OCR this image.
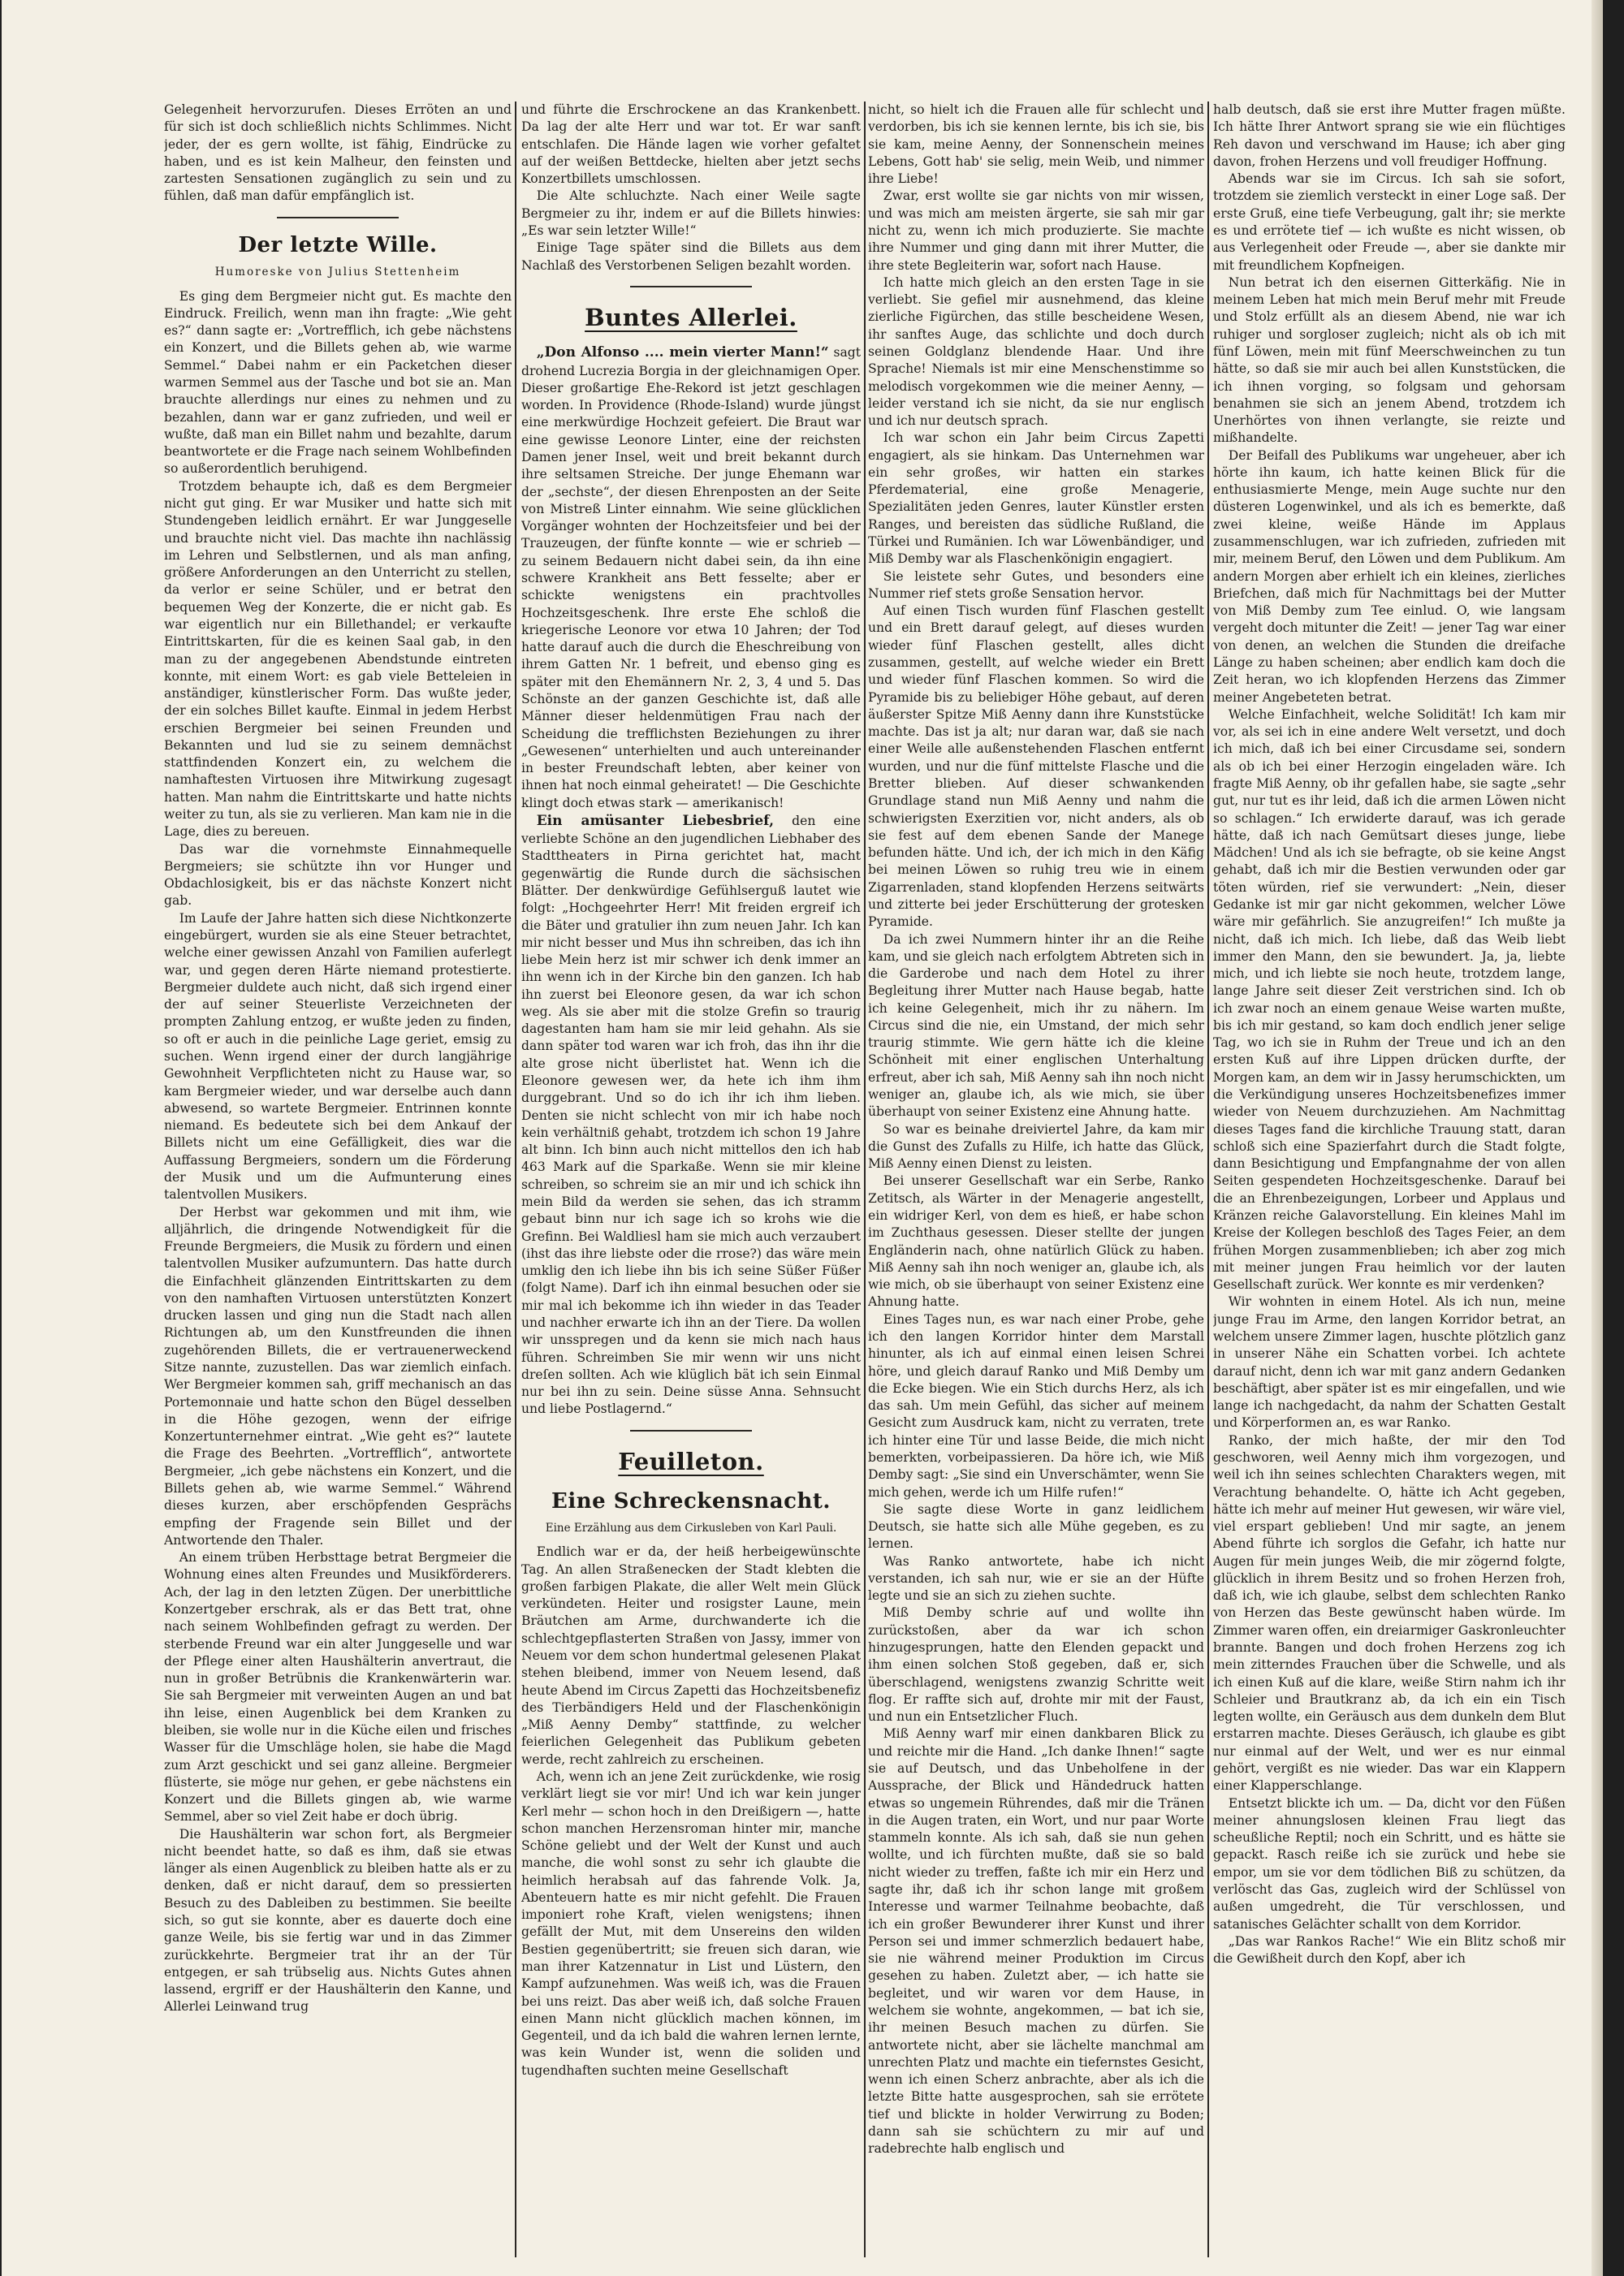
Gelegenheit hervorzurufen. Dieses Erröten an und für sich ist doch schließlich nichts Schlimmes. Nicht jeder, der es gern wollte, ist fähig, Eindrücke zu haben, und es ist kein Malheur, den feinsten und zartesten Sensationen zugänglich zu sein und zu fühlen, daß man dafür empfänglich ist.

Der letzte Wille.
Humoreske von Julius Stettenheim

Es ging dem Bergmeier nicht gut. Es machte den Eindruck. Freilich, wenn man ihn fragte: „Wie geht es?“ dann sagte er: „Vortrefflich, ich gebe nächstens ein Konzert, und die Billets gehen ab, wie warme Semmel.“ Dabei nahm er ein Packetchen dieser warmen Semmel aus der Tasche und bot sie an. Man brauchte allerdings nur eines zu nehmen und zu bezahlen, dann war er ganz zufrieden, und weil er wußte, daß man ein Billet nahm und bezahlte, darum beantwortete er die Frage nach seinem Wohlbefinden so außerordentlich beruhigend.

Trotzdem behaupte ich, daß es dem Bergmeier nicht gut ging. Er war Musiker und hatte sich mit Stundengeben leidlich ernährt. Er war Junggeselle und brauchte nicht viel. Das machte ihn nachlässig im Lehren und Selbstlernen, und als man anfing, größere Anforderungen an den Unterricht zu stellen, da verlor er seine Schüler, und er betrat den bequemen Weg der Konzerte, die er nicht gab. Es war eigentlich nur ein Billethandel; er verkaufte Eintrittskarten, für die es keinen Saal gab, in den man zu der angegebenen Abendstunde eintreten konnte, mit einem Wort: es gab viele Betteleien in anständiger, künstlerischer Form. Das wußte jeder, der ein solches Billet kaufte. Einmal in jedem Herbst erschien Bergmeier bei seinen Freunden und Bekannten und lud sie zu seinem demnächst stattfindenden Konzert ein, zu welchem die namhaftesten Virtuosen ihre Mitwirkung zugesagt hatten. Man nahm die Eintrittskarte und hatte nichts weiter zu tun, als sie zu verlieren. Man kam nie in die Lage, dies zu bereuen.

Das war die vornehmste Einnahmequelle Bergmeiers; sie schützte ihn vor Hunger und Obdachlosigkeit, bis er das nächste Konzert nicht gab.

Im Laufe der Jahre hatten sich diese Nichtkonzerte eingebürgert, wurden sie als eine Steuer betrachtet, welche einer gewissen Anzahl von Familien auferlegt war, und gegen deren Härte niemand protestierte. Bergmeier duldete auch nicht, daß sich irgend einer der auf seiner Steuerliste Verzeichneten der prompten Zahlung entzog, er wußte jeden zu finden, so oft er auch in die peinliche Lage geriet, emsig zu suchen. Wenn irgend einer der durch langjährige Gewohnheit Verpflichteten nicht zu Hause war, so kam Bergmeier wieder, und war derselbe auch dann abwesend, so wartete Bergmeier. Entrinnen konnte niemand. Es bedeutete sich bei dem Ankauf der Billets nicht um eine Gefälligkeit, dies war die Auffassung Bergmeiers, sondern um die Förderung der Musik und um die Aufmunterung eines talentvollen Musikers.

Der Herbst war gekommen und mit ihm, wie alljährlich, die dringende Notwendigkeit für die Freunde Bergmeiers, die Musik zu fördern und einen talentvollen Musiker aufzumuntern. Das hatte durch die Einfachheit glänzenden Eintrittskarten zu dem von den namhaften Virtuosen unterstützten Konzert drucken lassen und ging nun die Stadt nach allen Richtungen ab, um den Kunstfreunden die ihnen zugehörenden Billets, die er vertrauenerweckend Sitze nannte, zuzustellen. Das war ziemlich einfach. Wer Bergmeier kommen sah, griff mechanisch an das Portemonnaie und hatte schon den Bügel desselben in die Höhe gezogen, wenn der eifrige Konzertunternehmer eintrat. „Wie geht es?“ lautete die Frage des Beehrten. „Vortrefflich“, antwortete Bergmeier, „ich gebe nächstens ein Konzert, und die Billets gehen ab, wie warme Semmel.“ Während dieses kurzen, aber erschöpfenden Gesprächs empfing der Fragende sein Billet und der Antwortende den Thaler.

An einem trüben Herbsttage betrat Bergmeier die Wohnung eines alten Freundes und Musikförderers. Ach, der lag in den letzten Zügen. Der unerbittliche Konzertgeber erschrak, als er das Bett trat, ohne nach seinem Wohlbefinden gefragt zu werden. Der sterbende Freund war ein alter Junggeselle und war der Pflege einer alten Haushälterin anvertraut, die nun in großer Betrübnis die Krankenwärterin war. Sie sah Bergmeier mit verweinten Augen an und bat ihn leise, einen Augenblick bei dem Kranken zu bleiben, sie wolle nur in die Küche eilen und frisches Wasser für die Umschläge holen, sie habe die Magd zum Arzt geschickt und sei ganz alleine. Bergmeier flüsterte, sie möge nur gehen, er gebe nächstens ein Konzert und die Billets gingen ab, wie warme Semmel, aber so viel Zeit habe er doch übrig.

Die Haushälterin war schon fort, als Bergmeier nicht beendet hatte, so daß es ihm, daß sie etwas länger als einen Augenblick zu bleiben hatte als er zu denken, daß er nicht darauf, dem so pressierten Besuch zu des Dableiben zu bestimmen. Sie beeilte sich, so gut sie konnte, aber es dauerte doch eine ganze Weile, bis sie fertig war und in das Zimmer zurückkehrte. Bergmeier trat ihr an der Tür entgegen, er sah trübselig aus. Nichts Gutes ahnen lassend, ergriff er der Haushälterin den Kanne, und Allerlei Leinwand trug

und führte die Erschrockene an das Krankenbett. Da lag der alte Herr und war tot. Er war sanft entschlafen. Die Hände lagen wie vorher gefaltet auf der weißen Bettdecke, hielten aber jetzt sechs Konzertbillets umschlossen.

Die Alte schluchzte. Nach einer Weile sagte Bergmeier zu ihr, indem er auf die Billets hinwies: „Es war sein letzter Wille!“

Einige Tage später sind die Billets aus dem Nachlaß des Verstorbenen Seligen bezahlt worden.

Buntes Allerlei.

„Don Alfonso .... mein vierter Mann!“ sagt drohend Lucrezia Borgia in der gleichnamigen Oper. Dieser großartige Ehe-Rekord ist jetzt geschlagen worden. In Providence (Rhode-Island) wurde jüngst eine merkwürdige Hochzeit gefeiert. Die Braut war eine gewisse Leonore Linter, eine der reichsten Damen jener Insel, weit und breit bekannt durch ihre seltsamen Streiche. Der junge Ehemann war der „sechste“, der diesen Ehrenposten an der Seite von Mistreß Linter einnahm. Wie seine glücklichen Vorgänger wohnten der Hochzeitsfeier und bei der Trauzeugen, der fünfte konnte — wie er schrieb — zu seinem Bedauern nicht dabei sein, da ihn eine schwere Krankheit ans Bett fesselte; aber er schickte wenigstens ein prachtvolles Hochzeitsgeschenk. Ihre erste Ehe schloß die kriegerische Leonore vor etwa 10 Jahren; der Tod hatte darauf auch die durch die Eheschreibung von ihrem Gatten Nr. 1 befreit, und ebenso ging es später mit den Ehemännern Nr. 2, 3, 4 und 5. Das Schönste an der ganzen Geschichte ist, daß alle Männer dieser heldenmütigen Frau nach der Scheidung die trefflichsten Beziehungen zu ihrer „Gewesenen“ unterhielten und auch untereinander in bester Freundschaft lebten, aber keiner von ihnen hat noch einmal geheiratet! — Die Geschichte klingt doch etwas stark — amerikanisch!

Ein amüsanter Liebesbrief, den eine verliebte Schöne an den jugendlichen Liebhaber des Stadttheaters in Pirna gerichtet hat, macht gegenwärtig die Runde durch die sächsischen Blätter. Der denkwürdige Gefühlserguß lautet wie folgt: „Hochgeehrter Herr! Mit freiden ergreif ich die Bäter und gratulier ihn zum neuen Jahr. Ich kan mir nicht besser und Mus ihn schreiben, das ich ihn liebe Mein herz ist mir schwer ich denk immer an ihn wenn ich in der Kirche bin den ganzen. Ich hab ihn zuerst bei Eleonore gesen, da war ich schon weg. Als sie aber mit die stolze Grefin so traurig dagestanten ham ham sie mir leid gehahn. Als sie dann später tod waren war ich froh, das ihn ihr die alte grose nicht überlistet hat. Wenn ich die Eleonore gewesen wer, da hete ich ihm ihm durggebrant. Und so do ich ihr ich ihm lieben. Denten sie nicht schlecht von mir ich habe noch kein verhältniß gehabt, trotzdem ich schon 19 Jahre alt binn. Ich binn auch nicht mittellos den ich hab 463 Mark auf die Sparkaße. Wenn sie mir kleine schreiben, so schreim sie an mir und ich schick ihn mein Bild da werden sie sehen, das ich stramm gebaut binn nur ich sage ich so krohs wie die Grefinn. Bei Waldliesl ham sie mich auch verzaubert (ihst das ihre liebste oder die rrose?) das wäre mein umklig den ich liebe ihn bis ich seine Süßer Füßer (folgt Name). Darf ich ihn einmal besuchen oder sie mir mal ich bekomme ich ihn wieder in das Teader und nachher erwarte ich ihn an der Tiere. Da wollen wir unsspregen und da kenn sie mich nach haus führen. Schreimben Sie mir wenn wir uns nicht dreſen sollten. Ach wie klüglich bät ich sein Einmal nur bei ihn zu sein. Deine süsse Anna. Sehnsucht und liebe Postlagernd.“

Feuilleton.
Eine Schreckensnacht.
Eine Erzählung aus dem Cirkusleben von Karl Pauli.

Endlich war er da, der heiß herbeigewünschte Tag. An allen Straßenecken der Stadt klebten die großen farbigen Plakate, die aller Welt mein Glück verkündeten. Heiter und rosigster Laune, mein Bräutchen am Arme, durchwanderte ich die schlechtgepflasterten Straßen von Jassy, immer von Neuem vor dem schon hundertmal gelesenen Plakat stehen bleibend, immer von Neuem lesend, daß heute Abend im Circus Zapetti das Hochzeitsbenefiz des Tierbändigers Held und der Flaschenkönigin „Miß Aenny Demby“ stattfinde, zu welcher feierlichen Gelegenheit das Publikum gebeten werde, recht zahlreich zu erscheinen.

Ach, wenn ich an jene Zeit zurückdenke, wie rosig verklärt liegt sie vor mir! Und ich war kein junger Kerl mehr — schon hoch in den Dreißigern —, hatte schon manchen Herzensroman hinter mir, manche Schöne geliebt und der Welt der Kunst und auch manche, die wohl sonst zu sehr ich glaubte die heimlich herabsah auf das fahrende Volk. Ja, Abenteuern hatte es mir nicht gefehlt. Die Frauen imponiert rohe Kraft, vielen wenigstens; ihnen gefällt der Mut, mit dem Unsereins den wilden Bestien gegenübertritt; sie freuen sich daran, wie man ihrer Katzennatur in List und Lüstern, den Kampf aufzunehmen. Was weiß ich, was die Frauen bei uns reizt. Das aber weiß ich, daß solche Frauen einen Mann nicht glücklich machen können, im Gegenteil, und da ich bald die wahren lernen lernte, was kein Wunder ist, wenn die soliden und tugendhaften suchten meine Gesellschaft

nicht, so hielt ich die Frauen alle für schlecht und verdorben, bis ich sie kennen lernte, bis ich sie, bis sie kam, meine Aenny, der Sonnenschein meines Lebens, Gott hab' sie selig, mein Weib, und nimmer ihre Liebe!

Zwar, erst wollte sie gar nichts von mir wissen, und was mich am meisten ärgerte, sie sah mir gar nicht zu, wenn ich mich produzierte. Sie machte ihre Nummer und ging dann mit ihrer Mutter, die ihre stete Begleiterin war, sofort nach Hause.

Ich hatte mich gleich an den ersten Tage in sie verliebt. Sie gefiel mir ausnehmend, das kleine zierliche Figürchen, das stille bescheidene Wesen, ihr sanftes Auge, das schlichte und doch durch seinen Goldglanz blendende Haar. Und ihre Sprache! Niemals ist mir eine Menschenstimme so melodisch vorgekommen wie die meiner Aenny, — leider verstand ich sie nicht, da sie nur englisch und ich nur deutsch sprach.

Ich war schon ein Jahr beim Circus Zapetti engagiert, als sie hinkam. Das Unternehmen war ein sehr großes, wir hatten ein starkes Pferdematerial, eine große Menagerie, Spezialitäten jeden Genres, lauter Künstler ersten Ranges, und bereisten das südliche Rußland, die Türkei und Rumänien. Ich war Löwenbändiger, und Miß Demby war als Flaschenkönigin engagiert.

Sie leistete sehr Gutes, und besonders eine Nummer rief stets große Sensation hervor.

Auf einen Tisch wurden fünf Flaschen gestellt und ein Brett darauf gelegt, auf dieses wurden wieder fünf Flaschen gestellt, alles dicht zusammen, gestellt, auf welche wieder ein Brett und wieder fünf Flaschen kommen. So wird die Pyramide bis zu beliebiger Höhe gebaut, auf deren äußerster Spitze Miß Aenny dann ihre Kunststücke machte. Das ist ja alt; nur daran war, daß sie nach einer Weile alle außenstehenden Flaschen entfernt wurden, und nur die fünf mittelste Flasche und die Bretter blieben. Auf dieser schwankenden Grundlage stand nun Miß Aenny und nahm die schwierigsten Exerzitien vor, nicht anders, als ob sie fest auf dem ebenen Sande der Manege befunden hätte. Und ich, der ich mich in den Käfig bei meinen Löwen so ruhig treu wie in einem Zigarrenladen, stand klopfenden Herzens seitwärts und zitterte bei jeder Erschütterung der grotesken Pyramide.

Da ich zwei Nummern hinter ihr an die Reihe kam, und sie gleich nach erfolgtem Abtreten sich in die Garderobe und nach dem Hotel zu ihrer Begleitung ihrer Mutter nach Hause begab, hatte ich keine Gelegenheit, mich ihr zu nähern. Im Circus sind die nie, ein Umstand, der mich sehr traurig stimmte. Wie gern hätte ich die kleine Schönheit mit einer englischen Unterhaltung erfreut, aber ich sah, Miß Aenny sah ihn noch nicht weniger an, glaube ich, als wie mich, sie über überhaupt von seiner Existenz eine Ahnung hatte.

So war es beinahe dreiviertel Jahre, da kam mir die Gunst des Zufalls zu Hilfe, ich hatte das Glück, Miß Aenny einen Dienst zu leisten.

Bei unserer Gesellschaft war ein Serbe, Ranko Zetitsch, als Wärter in der Menagerie angestellt, ein widriger Kerl, von dem es hieß, er habe schon im Zuchthaus gesessen. Dieser stellte der jungen Engländerin nach, ohne natürlich Glück zu haben. Miß Aenny sah ihn noch weniger an, glaube ich, als wie mich, ob sie überhaupt von seiner Existenz eine Ahnung hatte.

Eines Tages nun, es war nach einer Probe, gehe ich den langen Korridor hinter dem Marstall hinunter, als ich auf einmal einen leisen Schrei höre, und gleich darauf Ranko und Miß Demby um die Ecke biegen. Wie ein Stich durchs Herz, als ich das sah. Um mein Gefühl, das sicher auf meinem Gesicht zum Ausdruck kam, nicht zu verraten, trete ich hinter eine Tür und lasse Beide, die mich nicht bemerkten, vorbeipassieren. Da höre ich, wie Miß Demby sagt: „Sie sind ein Unverschämter, wenn Sie mich gehen, werde ich um Hilfe rufen!“

Sie sagte diese Worte in ganz leidlichem Deutsch, sie hatte sich alle Mühe gegeben, es zu lernen.

Was Ranko antwortete, habe ich nicht verstanden, ich sah nur, wie er sie an der Hüfte legte und sie an sich zu ziehen suchte.

Miß Demby schrie auf und wollte ihn zurückstoßen, aber da war ich schon hinzugesprungen, hatte den Elenden gepackt und ihm einen solchen Stoß gegeben, daß er, sich überschlagend, wenigstens zwanzig Schritte weit flog. Er raffte sich auf, drohte mir mit der Faust, und nun ein Entsetzlicher Fluch.

Miß Aenny warf mir einen dankbaren Blick zu und reichte mir die Hand. „Ich danke Ihnen!“ sagte sie auf Deutsch, und das Unbeholfene in der Aussprache, der Blick und Händedruck hatten etwas so ungemein Rührendes, daß mir die Tränen in die Augen traten, ein Wort, und nur paar Worte stammeln konnte. Als ich sah, daß sie nun gehen wollte, und ich fürchten mußte, daß sie so bald nicht wieder zu treffen, faßte ich mir ein Herz und sagte ihr, daß ich ihr schon lange mit großem Interesse und warmer Teilnahme beobachte, daß ich ein großer Bewunderer ihrer Kunst und ihrer Person sei und immer schmerzlich bedauert habe, sie nie während meiner Produktion im Circus gesehen zu haben. Zuletzt aber, — ich hatte sie begleitet, und wir waren vor dem Hause, in welchem sie wohnte, angekommen, — bat ich sie, ihr meinen Besuch machen zu dürfen. Sie antwortete nicht, aber sie lächelte manchmal am unrechten Platz und machte ein tiefernstes Gesicht, wenn ich einen Scherz anbrachte, aber als ich die letzte Bitte hatte ausgesprochen, sah sie errötete tief und blickte in holder Verwirrung zu Boden; dann sah sie schüchtern zu mir auf und radebrechte halb englisch und

halb deutsch, daß sie erst ihre Mutter fragen müßte. Ich hätte Ihrer Antwort sprang sie wie ein flüchtiges Reh davon und verschwand im Hause; ich aber ging davon, frohen Herzens und voll freudiger Hoffnung.

Abends war sie im Circus. Ich sah sie sofort, trotzdem sie ziemlich versteckt in einer Loge saß. Der erste Gruß, eine tiefe Verbeugung, galt ihr; sie merkte es und errötete tief — ich wußte es nicht wissen, ob aus Verlegenheit oder Freude —, aber sie dankte mir mit freundlichem Kopfneigen.

Nun betrat ich den eisernen Gitterkäfig. Nie in meinem Leben hat mich mein Beruf mehr mit Freude und Stolz erfüllt als an diesem Abend, nie war ich ruhiger und sorgloser zugleich; nicht als ob ich mit fünf Löwen, mein mit fünf Meerschweinchen zu tun hätte, so daß sie mir auch bei allen Kunststücken, die ich ihnen vorging, so folgsam und gehorsam benahmen sie sich an jenem Abend, trotzdem ich Unerhörtes von ihnen verlangte, sie reizte und mißhandelte.

Der Beifall des Publikums war ungeheuer, aber ich hörte ihn kaum, ich hatte keinen Blick für die enthusiasmierte Menge, mein Auge suchte nur den düsteren Logenwinkel, und als ich es bemerkte, daß zwei kleine, weiße Hände im Applaus zusammenschlugen, war ich zufrieden, zufrieden mit mir, meinem Beruf, den Löwen und dem Publikum. Am andern Morgen aber erhielt ich ein kleines, zierliches Briefchen, daß mich für Nachmittags bei der Mutter von Miß Demby zum Tee einlud. O, wie langsam vergeht doch mitunter die Zeit! — jener Tag war einer von denen, an welchen die Stunden die dreifache Länge zu haben scheinen; aber endlich kam doch die Zeit heran, wo ich klopfenden Herzens das Zimmer meiner Angebeteten betrat.

Welche Einfachheit, welche Solidität! Ich kam mir vor, als sei ich in eine andere Welt versetzt, und doch ich mich, daß ich bei einer Circusdame sei, sondern als ob ich bei einer Herzogin eingeladen wäre. Ich fragte Miß Aenny, ob ihr gefallen habe, sie sagte „sehr gut, nur tut es ihr leid, daß ich die armen Löwen nicht so schlagen.“ Ich erwiderte darauf, was ich gerade hätte, daß ich nach Gemütsart dieses junge, liebe Mädchen! Und als ich sie befragte, ob sie keine Angst gehabt, daß ich mir die Bestien verwunden oder gar töten würden, rief sie verwundert: „Nein, dieser Gedanke ist mir gar nicht gekommen, welcher Löwe wäre mir gefährlich. Sie anzugreifen!“ Ich mußte ja nicht, daß ich mich. Ich liebe, daß das Weib liebt immer den Mann, den sie bewundert. Ja, ja, liebte mich, und ich liebte sie noch heute, trotzdem lange, lange Jahre seit dieser Zeit verstrichen sind. Ich ob ich zwar noch an einem genaue Weise warten mußte, bis ich mir gestand, so kam doch endlich jener selige Tag, wo ich sie in Ruhm der Treue und ich an den ersten Kuß auf ihre Lippen drücken durfte, der Morgen kam, an dem wir in Jassy herumschickten, um die Verkündigung unseres Hochzeitsbenefizes immer wieder von Neuem durchzuziehen. Am Nachmittag dieses Tages fand die kirchliche Trauung statt, daran schloß sich eine Spazierfahrt durch die Stadt folgte, dann Besichtigung und Empfangnahme der von allen Seiten gespendeten Hochzeitsgeschenke. Darauf bei die an Ehrenbezeigungen, Lorbeer und Applaus und Kränzen reiche Galavorstellung. Ein kleines Mahl im Kreise der Kollegen beschloß des Tages Feier, an dem frühen Morgen zusammenblieben; ich aber zog mich mit meiner jungen Frau heimlich vor der lauten Gesellschaft zurück. Wer konnte es mir verdenken?

Wir wohnten in einem Hotel. Als ich nun, meine junge Frau im Arme, den langen Korridor betrat, an welchem unsere Zimmer lagen, huschte plötzlich ganz in unserer Nähe ein Schatten vorbei. Ich achtete darauf nicht, denn ich war mit ganz andern Gedanken beschäftigt, aber später ist es mir eingefallen, und wie lange ich nachgedacht, da nahm der Schatten Gestalt und Körperformen an, es war Ranko.

Ranko, der mich haßte, der mir den Tod geschworen, weil Aenny mich ihm vorgezogen, und weil ich ihn seines schlechten Charakters wegen, mit Verachtung behandelte. O, hätte ich Acht gegeben, hätte ich mehr auf meiner Hut gewesen, wir wäre viel, viel erspart geblieben! Und mir sagte, an jenem Abend führte ich sorglos die Gefahr, ich hatte nur Augen für mein junges Weib, die mir zögernd folgte, glücklich in ihrem Besitz und so frohen Herzen froh, daß ich, wie ich glaube, selbst dem schlechten Ranko von Herzen das Beste gewünscht haben würde. Im Zimmer waren offen, ein dreiarmiger Gaskronleuchter brannte. Bangen und doch frohen Herzens zog ich mein zitterndes Frauchen über die Schwelle, und als ich einen Kuß auf die klare, weiße Stirn nahm ich ihr Schleier und Brautkranz ab, da ich ein ein Tisch legten wollte, ein Geräusch aus dem dunkeln dem Blut erstarren machte. Dieses Geräusch, ich glaube es gibt nur einmal auf der Welt, und wer es nur einmal gehört, vergißt es nie wieder. Das war ein Klappern einer Klapperschlange.

Entsetzt blickte ich um. — Da, dicht vor den Füßen meiner ahnungslosen kleinen Frau liegt das scheußliche Reptil; noch ein Schritt, und es hätte sie gepackt. Rasch reiße ich sie zurück und hebe sie empor, um sie vor dem tödlichen Biß zu schützen, da verlöscht das Gas, zugleich wird der Schlüssel von außen umgedreht, die Tür verschlossen, und satanisches Gelächter schallt von dem Korridor.

„Das war Rankos Rache!“ Wie ein Blitz schoß mir die Gewißheit durch den Kopf, aber ich
